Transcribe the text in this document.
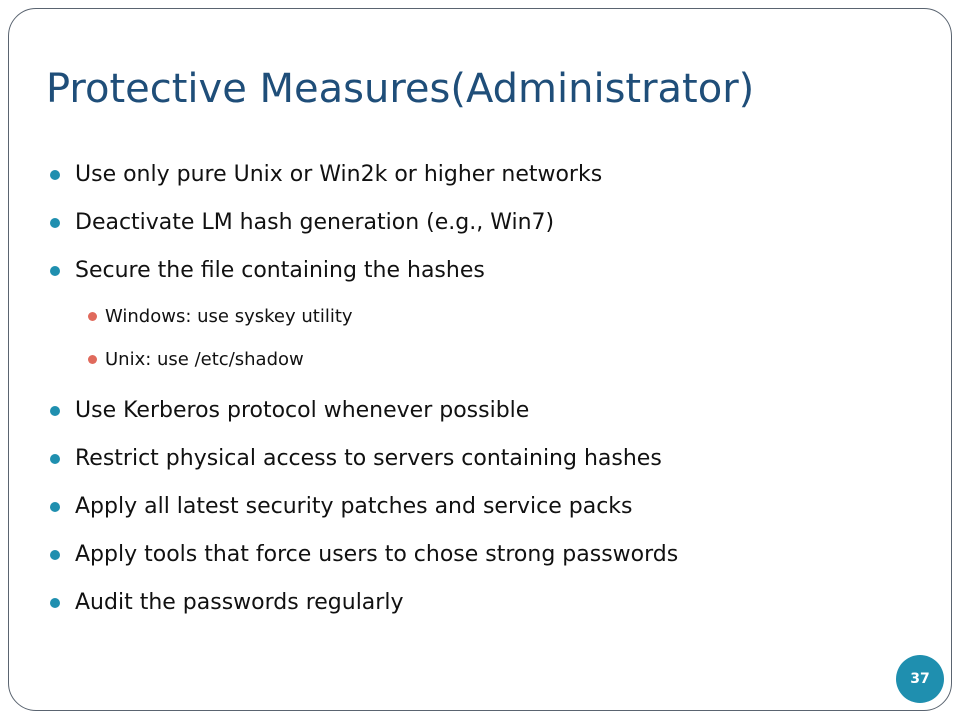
Protective Measures(Administrator)
Use only pure Unix or Win2k or higher networks
Deactivate LM hash generation (e.g., Win7)
Secure the file containing the hashes
Windows: use syskey utility
Unix: use /etc/shadow
Use Kerberos protocol whenever possible
Restrict physical access to servers containing hashes
Apply all latest security patches and service packs
Apply tools that force users to chose strong passwords
Audit the passwords regularly
37
